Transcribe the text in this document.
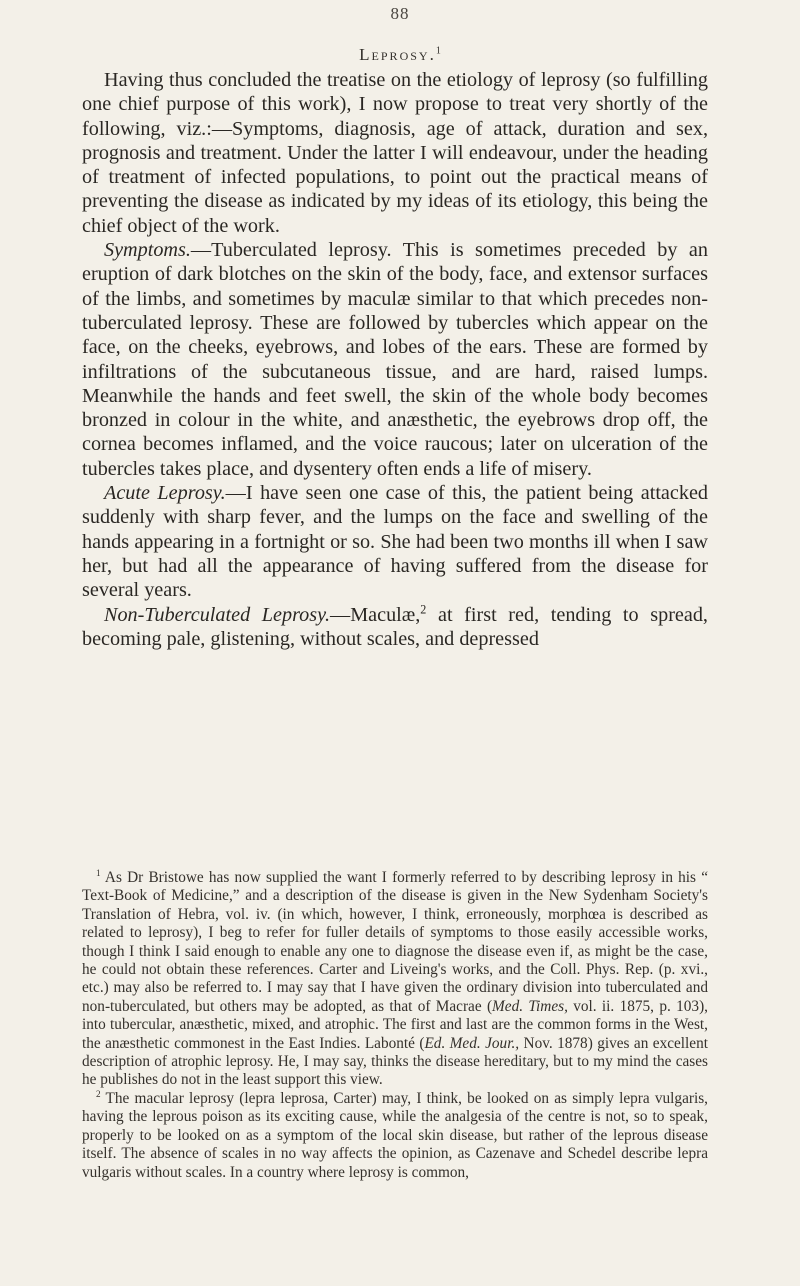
88
Leprosy.$^1$

Having thus concluded the treatise on the etiology of leprosy (so fulfilling one chief purpose of this work), I now propose to treat very shortly of the following, viz.:—Symptoms, diagnosis, age of attack, duration and sex, prognosis and treatment. Under the latter I will endeavour, under the heading of treatment of infected populations, to point out the practical means of preventing the disease as indicated by my ideas of its etiology, this being the chief object of the work.

Symptoms.—Tuberculated leprosy. This is sometimes preceded by an eruption of dark blotches on the skin of the body, face, and extensor surfaces of the limbs, and sometimes by maculæ similar to that which precedes non-tuberculated leprosy. These are followed by tubercles which appear on the face, on the cheeks, eyebrows, and lobes of the ears. These are formed by infiltrations of the subcutaneous tissue, and are hard, raised lumps. Meanwhile the hands and feet swell, the skin of the whole body becomes bronzed in colour in the white, and anæsthetic, the eyebrows drop off, the cornea becomes inflamed, and the voice raucous; later on ulceration of the tubercles takes place, and dysentery often ends a life of misery.

Acute Leprosy.—I have seen one case of this, the patient being attacked suddenly with sharp fever, and the lumps on the face and swelling of the hands appearing in a fortnight or so. She had been two months ill when I saw her, but had all the appearance of having suffered from the disease for several years.

Non-Tuberculated Leprosy.—Maculæ,$^2$ at first red, tending to spread, becoming pale, glistening, without scales, and depressed

$^1$ As Dr Bristowe has now supplied the want I formerly referred to by describing leprosy in his “ Text-Book of Medicine,” and a description of the disease is given in the New Sydenham Society's Translation of Hebra, vol. iv. (in which, however, I think, erroneously, morphœa is described as related to leprosy), I beg to refer for fuller details of symptoms to those easily accessible works, though I think I said enough to enable any one to diagnose the disease even if, as might be the case, he could not obtain these references. Carter and Liveing's works, and the Coll. Phys. Rep. (p. xvi., etc.) may also be referred to. I may say that I have given the ordinary division into tuberculated and non-tuberculated, but others may be adopted, as that of Macrae (Med. Times, vol. ii. 1875, p. 103), into tubercular, anæsthetic, mixed, and atrophic. The first and last are the common forms in the West, the anæsthetic commonest in the East Indies. Labonté (Ed. Med. Jour., Nov. 1878) gives an excellent description of atrophic leprosy. He, I may say, thinks the disease hereditary, but to my mind the cases he publishes do not in the least support this view.

$^2$ The macular leprosy (lepra leprosa, Carter) may, I think, be looked on as simply lepra vulgaris, having the leprous poison as its exciting cause, while the analgesia of the centre is not, so to speak, properly to be looked on as a symptom of the local skin disease, but rather of the leprous disease itself. The absence of scales in no way affects the opinion, as Cazenave and Schedel describe lepra vulgaris without scales. In a country where leprosy is common,
